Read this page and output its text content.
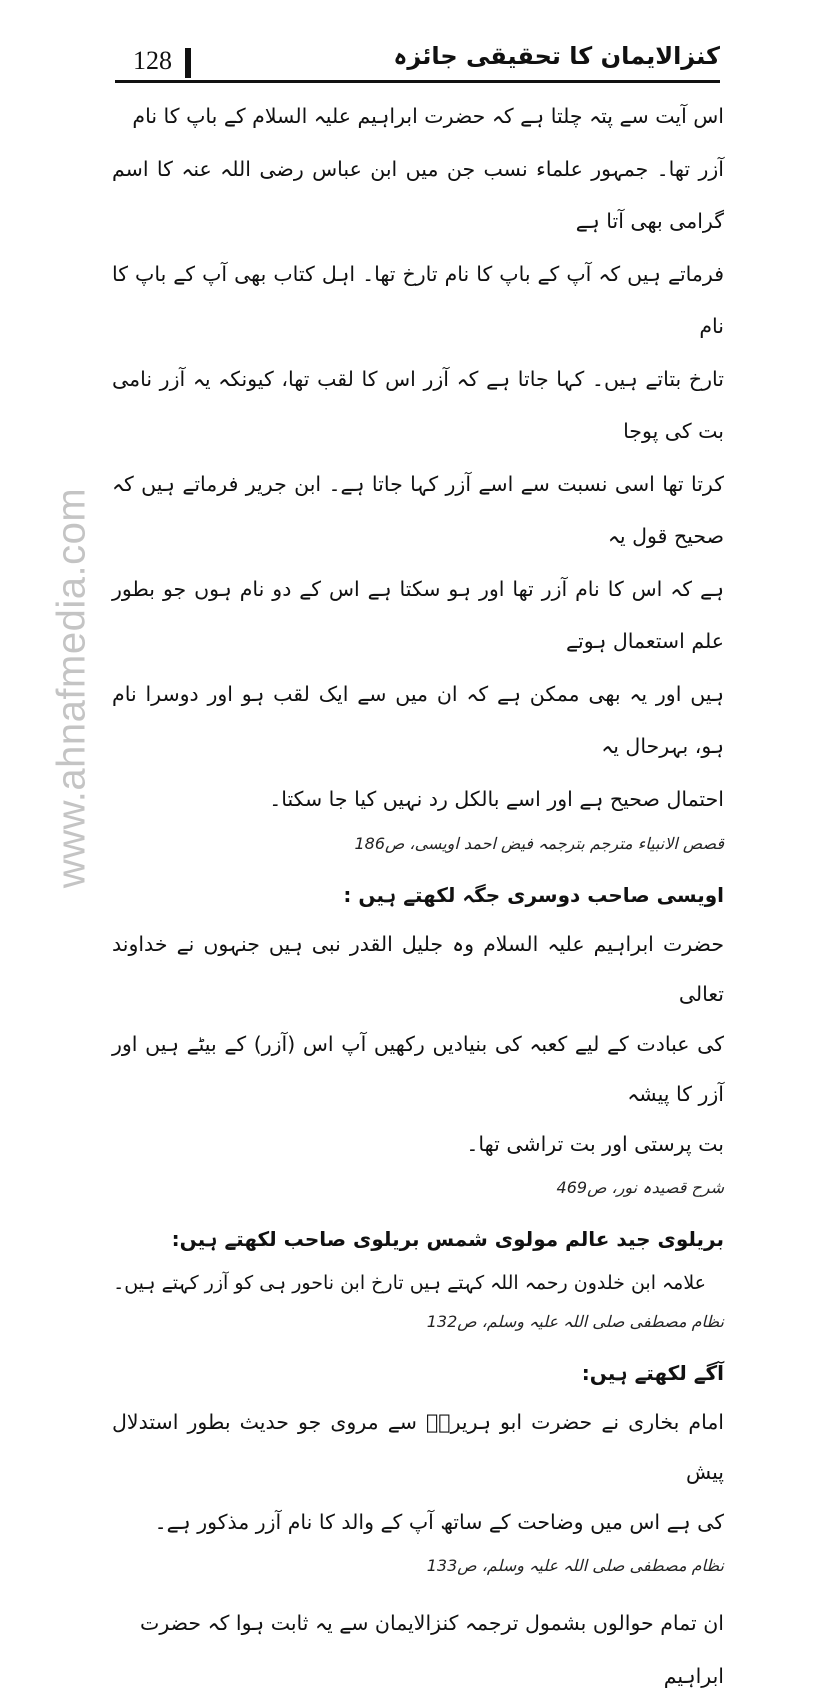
www.ahnafmedia.com
128	کنزالایمان کا تحقیقی جائزہ

اس آیت سے پتہ چلتا ہے کہ حضرت ابراہیم علیہ السلام کے باپ کا نام
آزر تھا۔ جمہور علماء نسب جن میں ابن عباس رضی اللہ عنہ کا اسم گرامی بھی آتا ہے
فرماتے ہیں کہ آپ کے باپ کا نام تارخ تھا۔ اہل کتاب بھی آپ کے باپ کا نام
تارخ بتاتے ہیں۔ کہا جاتا ہے کہ آزر اس کا لقب تھا، کیونکہ یہ آزر نامی بت کی پوجا
کرتا تھا اسی نسبت سے اسے آزر کہا جاتا ہے۔ ابن جریر فرماتے ہیں کہ صحیح قول یہ
ہے کہ اس کا نام آزر تھا اور ہو سکتا ہے اس کے دو نام ہوں جو بطور علم استعمال ہوتے
ہیں اور یہ بھی ممکن ہے کہ ان میں سے ایک لقب ہو اور دوسرا نام ہو، بہرحال یہ
احتمال صحیح ہے اور اسے بالکل رد نہیں کیا جا سکتا۔

قصص الانبیاء مترجم بترجمہ فیض احمد اویسی، ص186
اویسی صاحب دوسری جگہ لکھتے ہیں :

حضرت ابراہیم علیہ السلام وہ جلیل القدر نبی ہیں جنہوں نے خداوند تعالی
کی عبادت کے لیے کعبہ کی بنیادیں رکھیں آپ اس (آزر) کے بیٹے ہیں اور آزر کا پیشہ
بت پرستی اور بت تراشی تھا۔

شرح قصیدہ نور، ص469
بریلوی جید عالم مولوی شمس بریلوی صاحب لکھتے ہیں:

علامہ ابن خلدون رحمہ اللہ کہتے ہیں تارخ ابن ناحور ہی کو آزر کہتے ہیں۔

نظام مصطفی صلی اللہ علیہ وسلم، ص132
آگے لکھتے ہیں:

امام بخاری نے حضرت ابو ہریرہؓ سے مروی جو حدیث بطور استدلال پیش
کی ہے اس میں وضاحت کے ساتھ آپ کے والد کا نام آزر مذکور ہے۔

نظام مصطفی صلی اللہ علیہ وسلم، ص133

ان تمام حوالوں بشمول ترجمہ کنزالایمان سے یہ ثابت ہوا کہ حضرت ابراہیم
